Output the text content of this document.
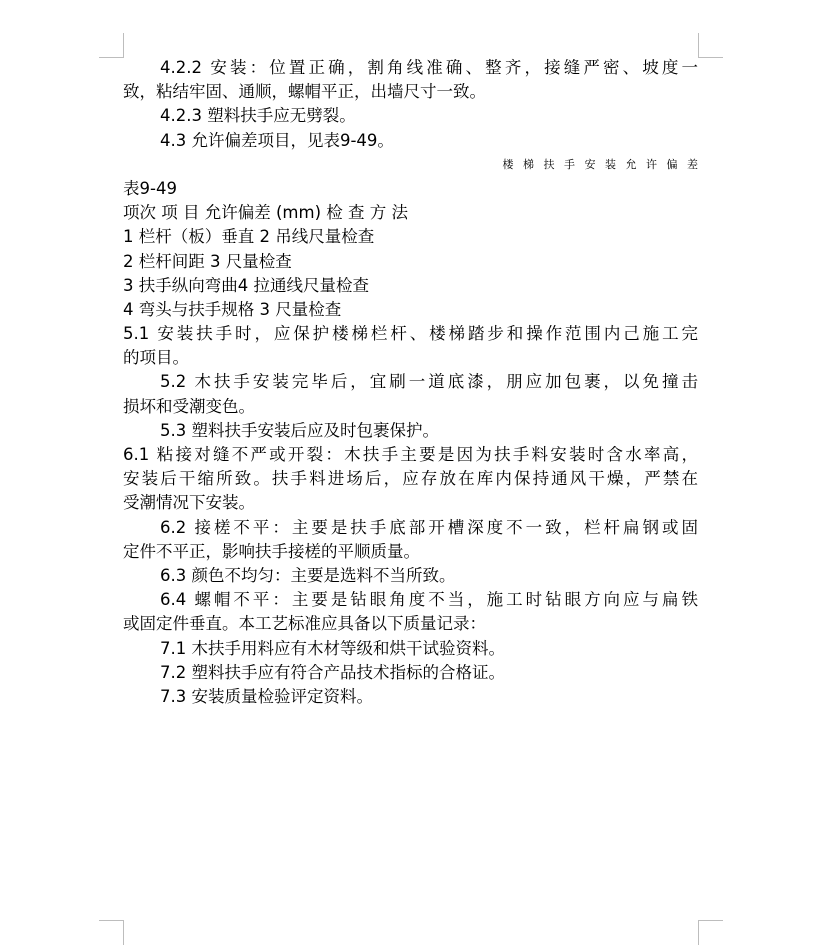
4.2.2 安装：位置正确，割角线准确、整齐，接缝严密、坡度一
致，粘结牢固、通顺，螺帽平正，出墙尺寸一致。
4.2.3 塑料扶手应无劈裂。
4.3 允许偏差项目，见表9-49。
楼梯扶手安装允许偏差
表9-49
项次 项 目 允许偏差 (mm) 检 查 方 法
1 栏杆（板）垂直 2 吊线尺量检查
2 栏杆间距 3 尺量检查
3 扶手纵向弯曲4 拉通线尺量检查
4 弯头与扶手规格 3 尺量检查
5.1 安装扶手时，应保护楼梯栏杆、楼梯踏步和操作范围内己施工完
的项目。
5.2 木扶手安装完毕后，宜刷一道底漆，朋应加包裹，以免撞击
损坏和受潮变色。
5.3 塑料扶手安装后应及时包裹保护。
6.1 粘接对缝不严或开裂：木扶手主要是因为扶手料安装时含水率高，
安装后干缩所致。扶手料进场后，应存放在库内保持通风干燥，严禁在
受潮情况下安装。
6.2 接槎不平：主要是扶手底部开槽深度不一致，栏杆扁钢或固
定件不平正，影响扶手接槎的平顺质量。
6.3 颜色不均匀：主要是选料不当所致。
6.4 螺帽不平：主要是钻眼角度不当，施工时钻眼方向应与扁铁
或固定件垂直。本工艺标准应具备以下质量记录：
7.1 木扶手用料应有木材等级和烘干试验资料。
7.2 塑料扶手应有符合产品技术指标的合格证。
7.3 安装质量检验评定资料。
